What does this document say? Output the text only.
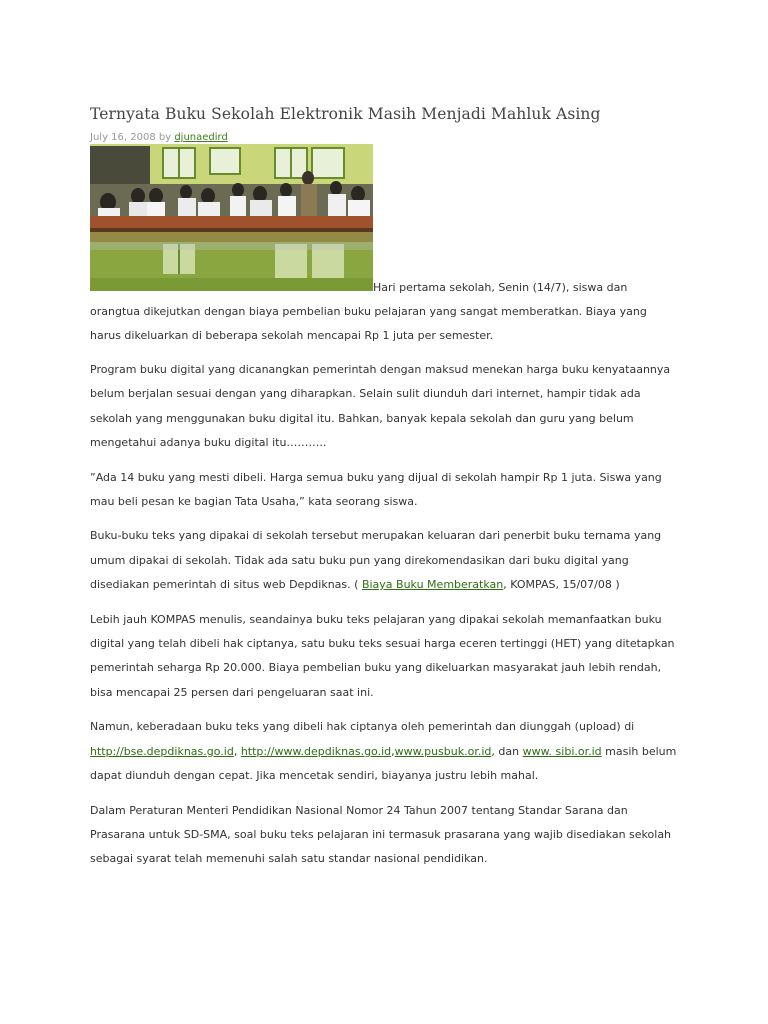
Ternyata Buku Sekolah Elektronik Masih Menjadi Mahluk Asing
July 16, 2008 by djunaedird

Hari pertama sekolah, Senin (14/7), siswa dan orangtua dikejutkan dengan biaya pembelian buku pelajaran yang sangat memberatkan. Biaya yang harus dikeluarkan di beberapa sekolah mencapai Rp 1 juta per semester.

Program buku digital yang dicanangkan pemerintah dengan maksud menekan harga buku kenyataannya belum berjalan sesuai dengan yang diharapkan. Selain sulit diunduh dari internet, hampir tidak ada sekolah yang menggunakan buku digital itu. Bahkan, banyak kepala sekolah dan guru yang belum mengetahui adanya buku digital itu………..

”Ada 14 buku yang mesti dibeli. Harga semua buku yang dijual di sekolah hampir Rp 1 juta. Siswa yang mau beli pesan ke bagian Tata Usaha,” kata seorang siswa.

Buku-buku teks yang dipakai di sekolah tersebut merupakan keluaran dari penerbit buku ternama yang umum dipakai di sekolah. Tidak ada satu buku pun yang direkomendasikan dari buku digital yang disediakan pemerintah di situs web Depdiknas. ( Biaya Buku Memberatkan, KOMPAS, 15/07/08 )

Lebih jauh KOMPAS menulis, seandainya buku teks pelajaran yang dipakai sekolah memanfaatkan buku digital yang telah dibeli hak ciptanya, satu buku teks sesuai harga eceren tertinggi (HET) yang ditetapkan pemerintah seharga Rp 20.000. Biaya pembelian buku yang dikeluarkan masyarakat jauh lebih rendah, bisa mencapai 25 persen dari pengeluaran saat ini.

Namun, keberadaan buku teks yang dibeli hak ciptanya oleh pemerintah dan diunggah (upload) di http://bse.depdiknas.go.id, http://www.depdiknas.go.id,www.pusbuk.or.id, dan www. sibi.or.id masih belum dapat diunduh dengan cepat. Jika mencetak sendiri, biayanya justru lebih mahal.

Dalam Peraturan Menteri Pendidikan Nasional Nomor 24 Tahun 2007 tentang Standar Sarana dan Prasarana untuk SD-SMA, soal buku teks pelajaran ini termasuk prasarana yang wajib disediakan sekolah sebagai syarat telah memenuhi salah satu standar nasional pendidikan.
